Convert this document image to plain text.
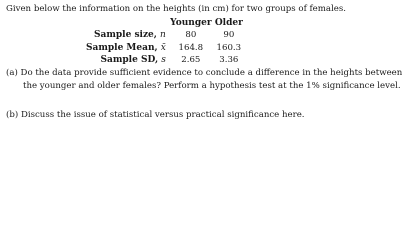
Given below the information on the heights (in cm) for two groups of females.
	Younger	Older
Sample size, n	80	90
Sample Mean, x̄	164.8	160.3
Sample SD, s	2.65	3.36
(a) Do the data provide sufficient evidence to conclude a difference in the heights between
the younger and older females? Perform a hypothesis test at the 1% significance level.
(b) Discuss the issue of statistical versus practical significance here.
